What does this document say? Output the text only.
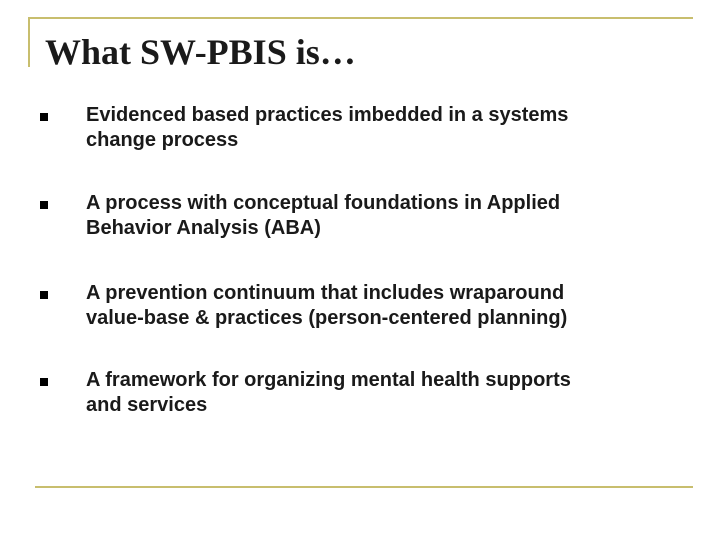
What SW-PBIS is…
Evidenced based practices imbedded in a systems
change process
A process with conceptual foundations in Applied
Behavior Analysis (ABA)
A prevention continuum that includes wraparound
value-base & practices (person-centered planning)
A framework for organizing mental health supports
and services
